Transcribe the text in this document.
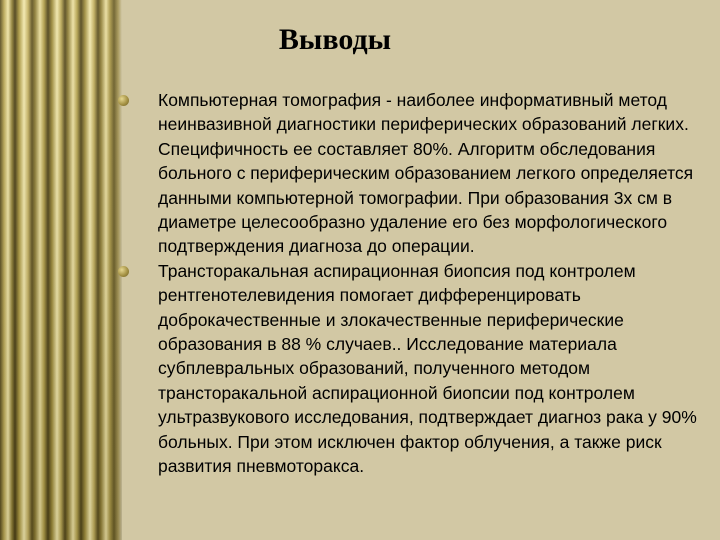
Выводы
Компьютерная томография - наиболее информативный метод неинвазивной диагностики периферических образований легких. Специфичность ее составляет 80%. Алгоритм обследования больного с периферическим образованием легкого определяется данными компьютерной томографии. При образования 3х см в диаметре целесообразно удаление его без морфологического подтверждения диагноза до операции.
Трансторакальная аспирационная биопсия под контролем рентгенотелевидения помогает дифференцировать доброкачественные и злокачественные периферические образования в 88 % случаев.. Исследование материала субплевральных образований, полученного методом трансторакальной аспирационной биопсии под контролем ультразвукового исследования, подтверждает диагноз рака у 90% больных. При этом исключен фактор облучения, а также риск развития пневмоторакса.
